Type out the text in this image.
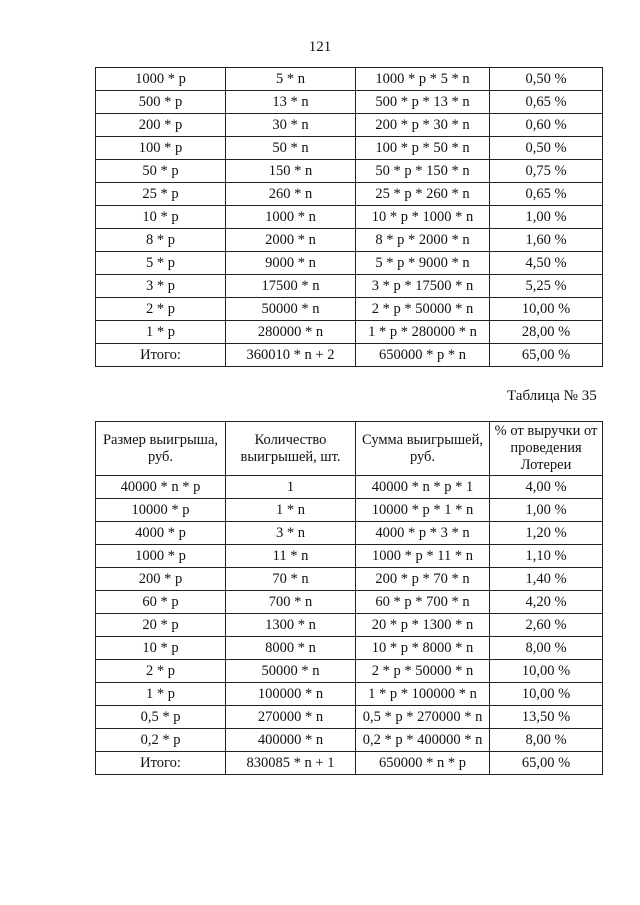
121
1000 * p	5 * n	1000 * p * 5 * n	0,50 %
500 * p	13 * n	500 * p * 13 * n	0,65 %
200 * p	30 * n	200 * p * 30 * n	0,60 %
100 * p	50 * n	100 * p * 50 * n	0,50 %
50 * p	150 * n	50 * p * 150 * n	0,75 %
25 * p	260 * n	25 * p * 260 * n	0,65 %
10 * p	1000 * n	10 * p * 1000 * n	1,00 %
8 * p	2000 * n	8 * p * 2000 * n	1,60 %
5 * p	9000 * n	5 * p * 9000 * n	4,50 %
3 * p	17500 * n	3 * p * 17500 * n	5,25 %
2 * p	50000 * n	2 * p * 50000 * n	10,00 %
1 * p	280000 * n	1 * p * 280000 * n	28,00 %
Итого:	360010 * n + 2	650000 * p * n	65,00 %
Таблица № 35
Размер выигрыша, руб.	Количество выигрышей, шт.	Сумма выигрышей, руб.	% от выручки от проведения Лотереи
40000 * n * p	1	40000 * n * p * 1	4,00 %
10000 * p	1 * n	10000 * p * 1 * n	1,00 %
4000 * p	3 * n	4000 * p * 3 * n	1,20 %
1000 * p	11 * n	1000 * p * 11 * n	1,10 %
200 * p	70 * n	200 * p * 70 * n	1,40 %
60 * p	700 * n	60 * p * 700 * n	4,20 %
20 * p	1300 * n	20 * p * 1300 * n	2,60 %
10 * p	8000 * n	10 * p * 8000 * n	8,00 %
2 * p	50000 * n	2 * p * 50000 * n	10,00 %
1 * p	100000 * n	1 * p * 100000 * n	10,00 %
0,5 * p	270000 * n	0,5 * p * 270000 * n	13,50 %
0,2 * p	400000 * n	0,2 * p * 400000 * n	8,00 %
Итого:	830085 * n + 1	650000 * n * p	65,00 %
